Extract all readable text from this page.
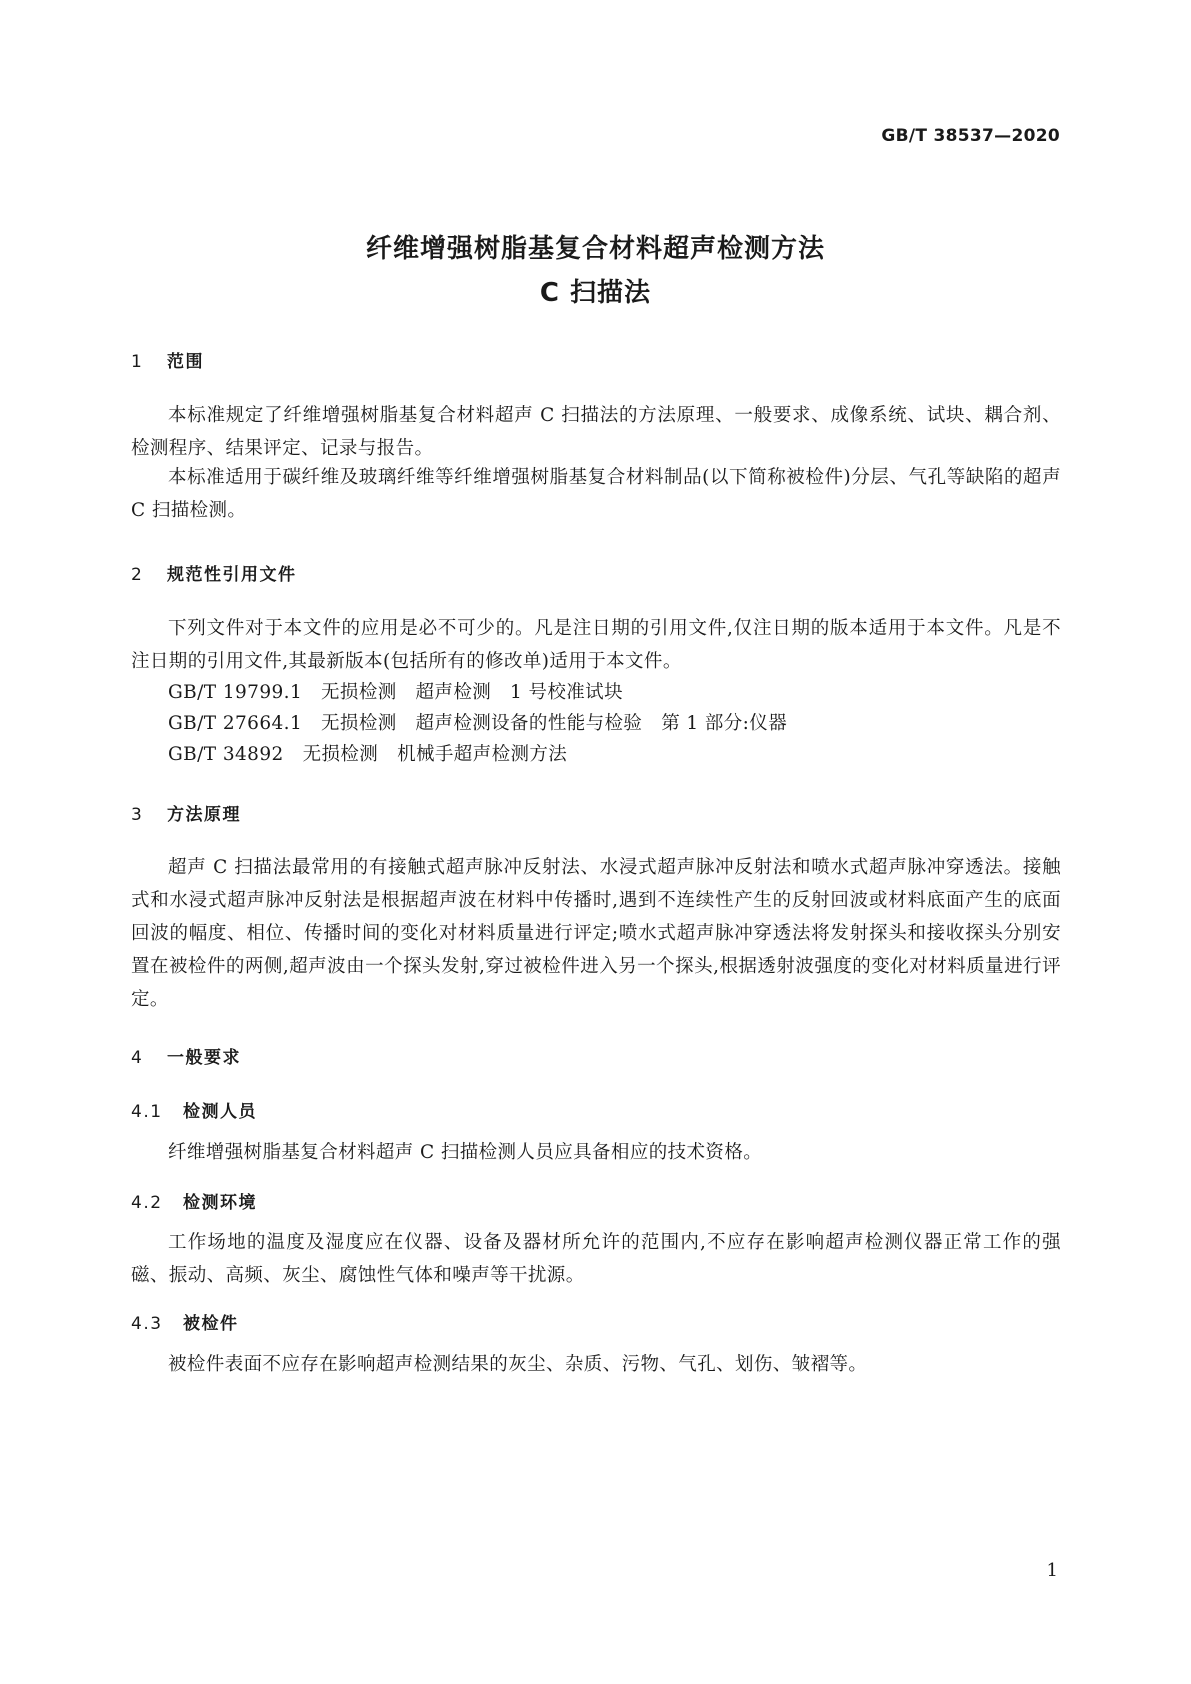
GB/T 38537—2020
纤维增强树脂基复合材料超声检测方法
C 扫描法
1 范围
本标准规定了纤维增强树脂基复合材料超声 C 扫描法的方法原理、一般要求、成像系统、试块、耦合剂、检测程序、结果评定、记录与报告。
本标准适用于碳纤维及玻璃纤维等纤维增强树脂基复合材料制品(以下简称被检件)分层、气孔等缺陷的超声 C 扫描检测。
2 规范性引用文件
下列文件对于本文件的应用是必不可少的。凡是注日期的引用文件,仅注日期的版本适用于本文件。凡是不注日期的引用文件,其最新版本(包括所有的修改单)适用于本文件。
GB/T 19799.1　无损检测　超声检测　1 号校准试块
GB/T 27664.1　无损检测　超声检测设备的性能与检验　第 1 部分:仪器
GB/T 34892　无损检测　机械手超声检测方法
3 方法原理
超声 C 扫描法最常用的有接触式超声脉冲反射法、水浸式超声脉冲反射法和喷水式超声脉冲穿透法。接触式和水浸式超声脉冲反射法是根据超声波在材料中传播时,遇到不连续性产生的反射回波或材料底面产生的底面回波的幅度、相位、传播时间的变化对材料质量进行评定;喷水式超声脉冲穿透法将发射探头和接收探头分别安置在被检件的两侧,超声波由一个探头发射,穿过被检件进入另一个探头,根据透射波强度的变化对材料质量进行评定。
4 一般要求
4.1 检测人员
纤维增强树脂基复合材料超声 C 扫描检测人员应具备相应的技术资格。
4.2 检测环境
工作场地的温度及湿度应在仪器、设备及器材所允许的范围内,不应存在影响超声检测仪器正常工作的强磁、振动、高频、灰尘、腐蚀性气体和噪声等干扰源。
4.3 被检件
被检件表面不应存在影响超声检测结果的灰尘、杂质、污物、气孔、划伤、皱褶等。
1
